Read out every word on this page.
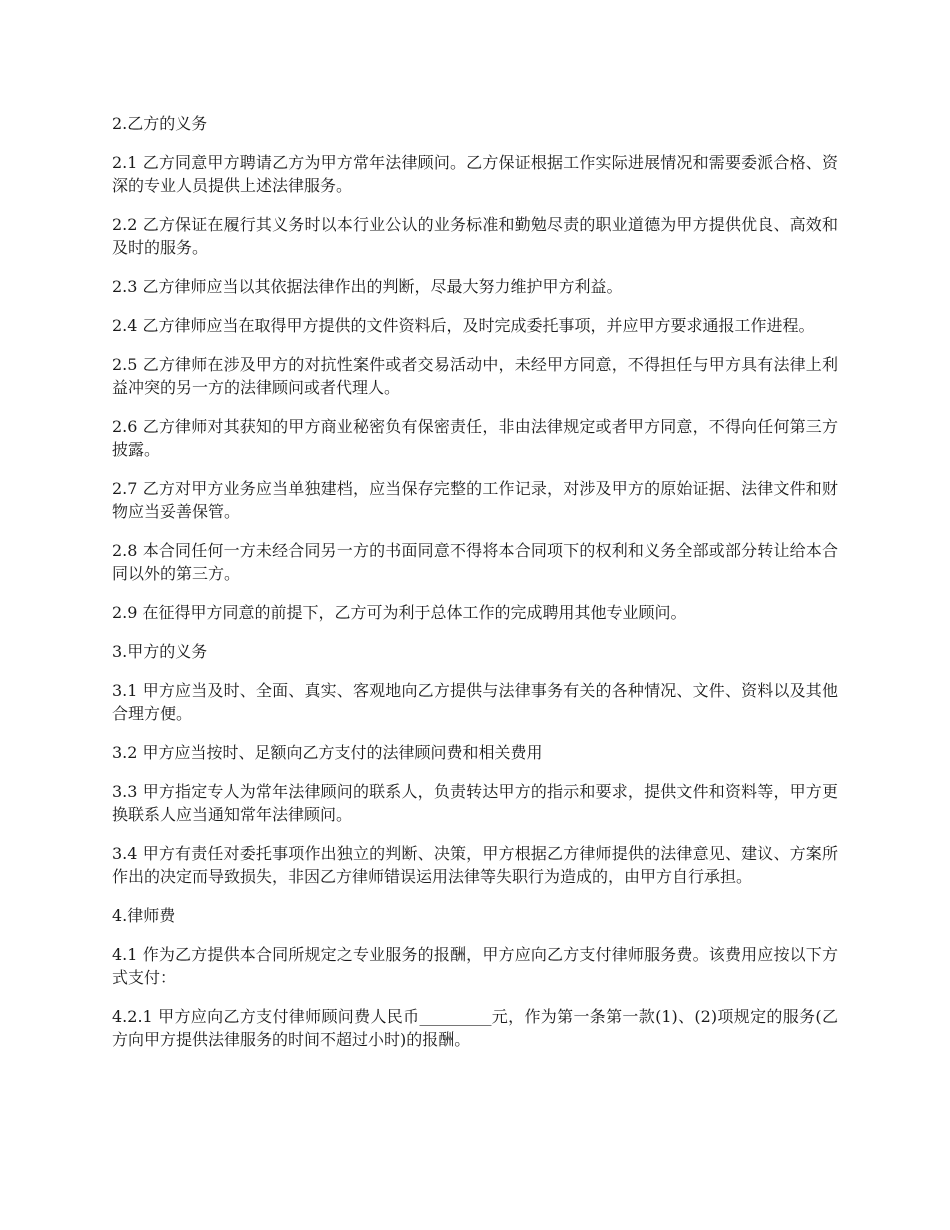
2.乙方的义务

2.1 乙方同意甲方聘请乙方为甲方常年法律顾问。乙方保证根据工作实际进展情况和需要委派合格、资深的专业人员提供上述法律服务。

2.2 乙方保证在履行其义务时以本行业公认的业务标准和勤勉尽责的职业道德为甲方提供优良、高效和及时的服务。

2.3 乙方律师应当以其依据法律作出的判断，尽最大努力维护甲方利益。

2.4 乙方律师应当在取得甲方提供的文件资料后，及时完成委托事项，并应甲方要求通报工作进程。

2.5 乙方律师在涉及甲方的对抗性案件或者交易活动中，未经甲方同意，不得担任与甲方具有法律上利益冲突的另一方的法律顾问或者代理人。

2.6 乙方律师对其获知的甲方商业秘密负有保密责任，非由法律规定或者甲方同意，不得向任何第三方披露。

2.7 乙方对甲方业务应当单独建档，应当保存完整的工作记录，对涉及甲方的原始证据、法律文件和财物应当妥善保管。

2.8 本合同任何一方未经合同另一方的书面同意不得将本合同项下的权利和义务全部或部分转让给本合同以外的第三方。

2.9 在征得甲方同意的前提下，乙方可为利于总体工作的完成聘用其他专业顾问。

3.甲方的义务

3.1 甲方应当及时、全面、真实、客观地向乙方提供与法律事务有关的各种情况、文件、资料以及其他合理方便。

3.2 甲方应当按时、足额向乙方支付的法律顾问费和相关费用

3.3 甲方指定专人为常年法律顾问的联系人，负责转达甲方的指示和要求，提供文件和资料等，甲方更换联系人应当通知常年法律顾问。

3.4 甲方有责任对委托事项作出独立的判断、决策，甲方根据乙方律师提供的法律意见、建议、方案所作出的决定而导致损失，非因乙方律师错误运用法律等失职行为造成的，由甲方自行承担。

4.律师费

4.1 作为乙方提供本合同所规定之专业服务的报酬，甲方应向乙方支付律师服务费。该费用应按以下方式支付：

4.2.1 甲方应向乙方支付律师顾问费人民币_________元，作为第一条第一款(1)、(2)项规定的服务(乙方向甲方提供法律服务的时间不超过小时)的报酬。
